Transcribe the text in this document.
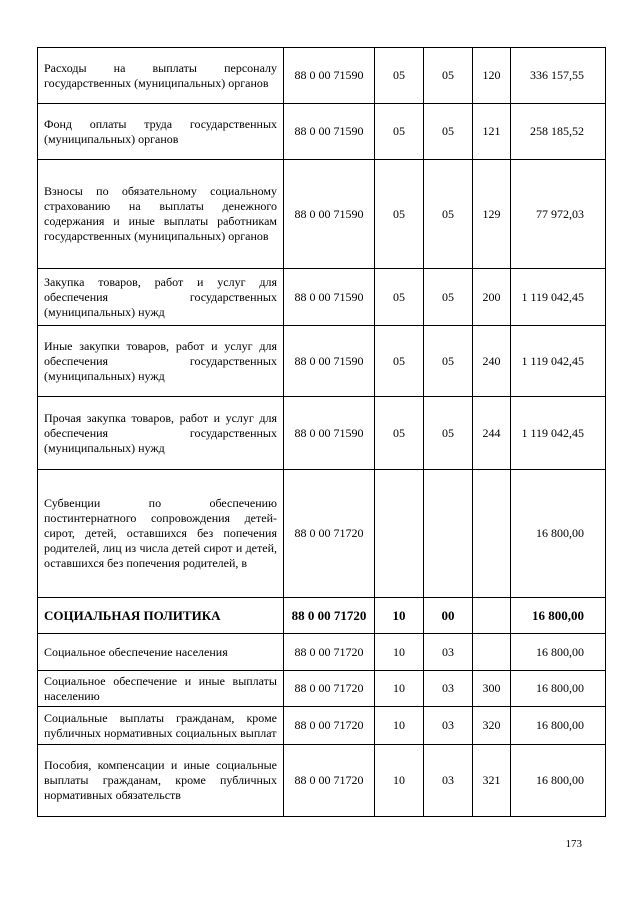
Расходы на выплаты персоналу государственных (муниципальных) органов	88 0 00 71590	05	05	120	336 157,55
Фонд оплаты труда государственных (муниципальных) органов	88 0 00 71590	05	05	121	258 185,52
Взносы по обязательному социальному страхованию на выплаты денежного содержания и иные выплаты работникам государственных (муниципальных) органов	88 0 00 71590	05	05	129	77 972,03
Закупка товаров, работ и услуг для обеспечения государственных (муниципальных) нужд	88 0 00 71590	05	05	200	1 119 042,45
Иные закупки товаров, работ и услуг для обеспечения государственных (муниципальных) нужд	88 0 00 71590	05	05	240	1 119 042,45
Прочая закупка товаров, работ и услуг для обеспечения государственных (муниципальных) нужд	88 0 00 71590	05	05	244	1 119 042,45
Субвенции по обеспечению постинтернатного сопровождения детей-сирот, детей, оставшихся без попечения родителей, лиц из числа детей сирот и детей, оставшихся без попечения родителей, в	88 0 00 71720				16 800,00
СОЦИАЛЬНАЯ ПОЛИТИКА	88 0 00 71720	10	00		16 800,00
Социальное обеспечение населения	88 0 00 71720	10	03		16 800,00
Социальное обеспечение и иные выплаты населению	88 0 00 71720	10	03	300	16 800,00
Социальные выплаты гражданам, кроме публичных нормативных социальных выплат	88 0 00 71720	10	03	320	16 800,00
Пособия, компенсации и иные социальные выплаты гражданам, кроме публичных нормативных обязательств	88 0 00 71720	10	03	321	16 800,00
173
